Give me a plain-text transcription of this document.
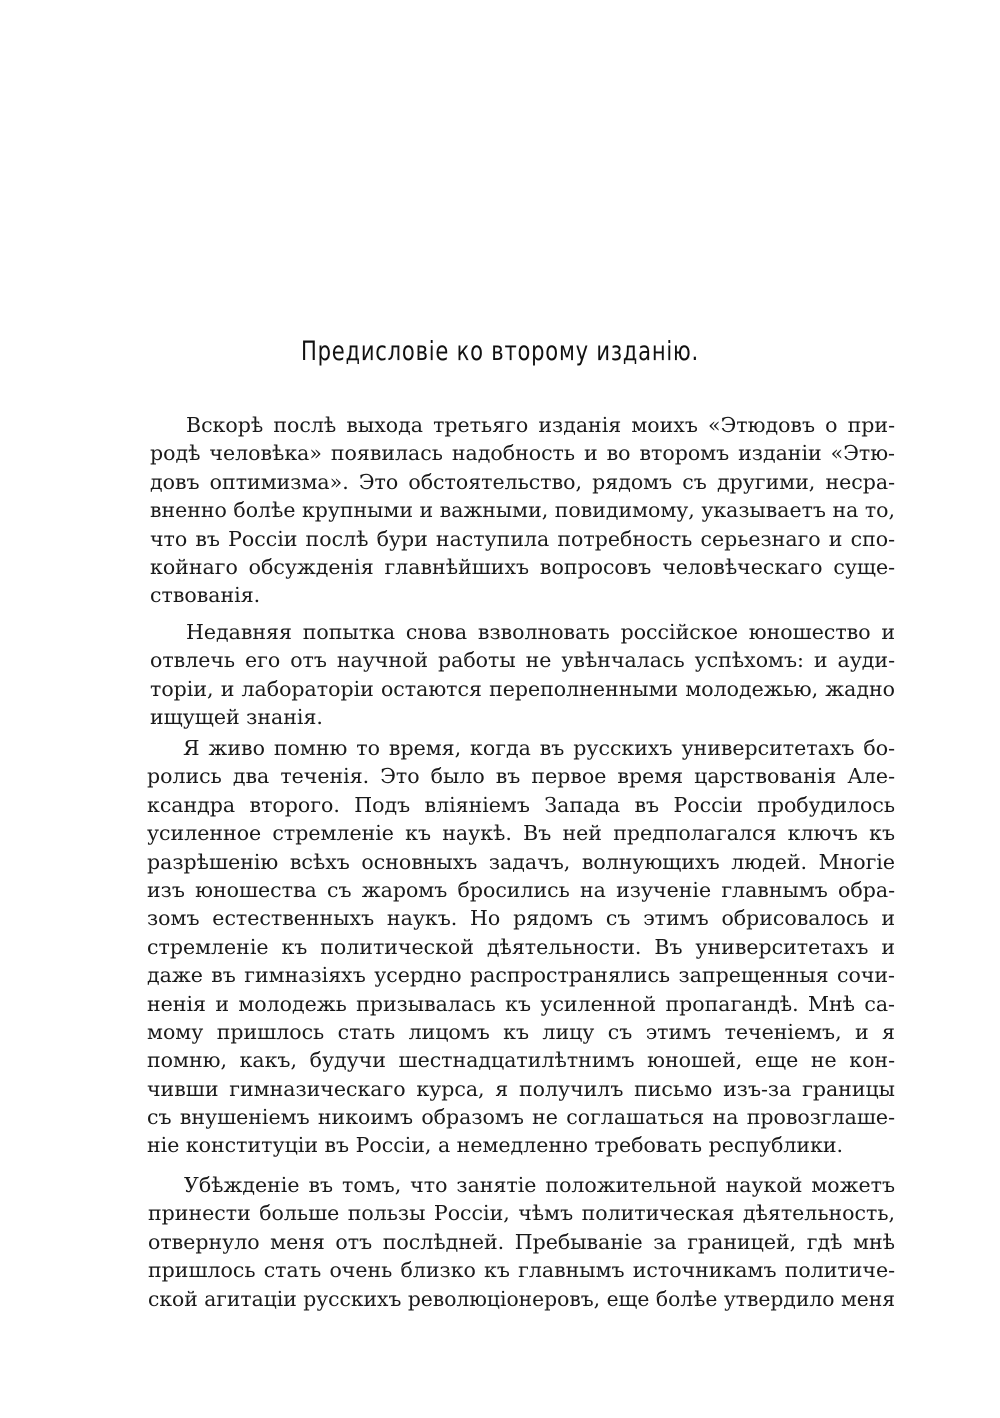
Предисловіе ко второму изданію.
Вскорѣ послѣ выхода третьяго изданія моихъ «Этюдовъ о при-
родѣ человѣка» появилась надобность и во второмъ изданіи «Этю-
довъ оптимизма». Это обстоятельство, рядомъ съ другими, несра-
вненно болѣе крупными и важными, повидимому, указываетъ на то,
что въ Россіи послѣ бури наступила потребность серьезнаго и спо-
койнаго обсужденія главнѣйшихъ вопросовъ человѣческаго суще-
ствованія.
Недавняя попытка снова взволновать россійское юношество и
отвлечь его отъ научной работы не увѣнчалась успѣхомъ: и ауди-
торіи, и лабораторіи остаются переполненными молодежью, жадно
ищущей знанія.
Я живо помню то время, когда въ русскихъ университетахъ бо-
ролись два теченія. Это было въ первое время царствованія Але-
ксандра второго. Подъ вліяніемъ Запада въ Россіи пробудилось
усиленное стремленіе къ наукѣ. Въ ней предполагался ключъ къ
разрѣшенію всѣхъ основныхъ задачъ, волнующихъ людей. Многіе
изъ юношества съ жаромъ бросились на изученіе главнымъ обра-
зомъ естественныхъ наукъ. Но рядомъ съ этимъ обрисовалось и
стремленіе къ политической дѣятельности. Въ университетахъ и
даже въ гимназіяхъ усердно распространялись запрещенныя сочи-
ненія и молодежь призывалась къ усиленной пропагандѣ. Мнѣ са-
мому пришлось стать лицомъ къ лицу съ этимъ теченіемъ, и я
помню, какъ, будучи шестнадцатилѣтнимъ юношей, еще не кон-
чивши гимназическаго курса, я получилъ письмо изъ-за границы
съ внушеніемъ никоимъ образомъ не соглашаться на провозглаше-
ніе конституціи въ Россіи, а немедленно требовать республики.
Убѣжденіе въ томъ, что занятіе положительной наукой можетъ
принести больше пользы Россіи, чѣмъ политическая дѣятельность,
отвернуло меня отъ послѣдней. Пребываніе за границей, гдѣ мнѣ
пришлось стать очень близко къ главнымъ источникамъ политиче-
ской агитаціи русскихъ революціонеровъ, еще болѣе утвердило меня
